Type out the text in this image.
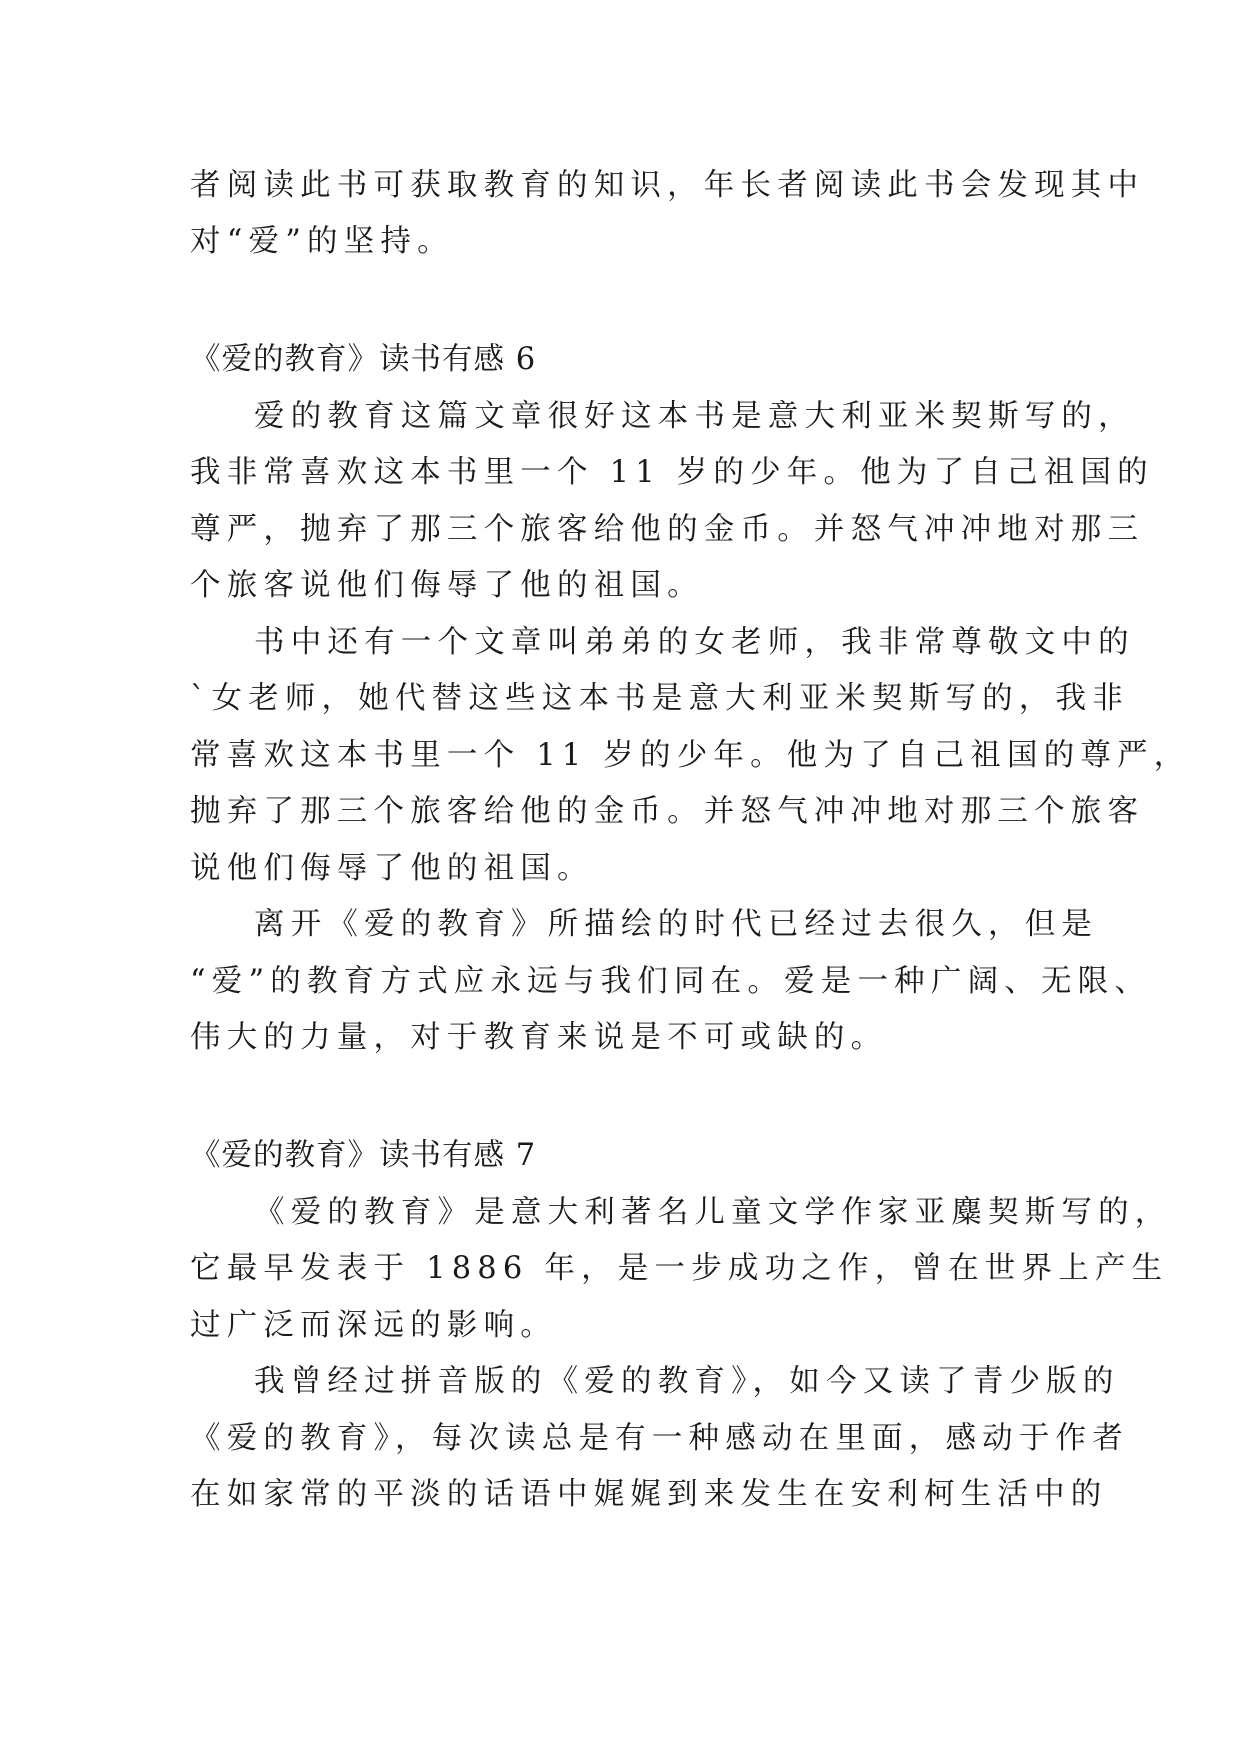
者阅读此书可获取教育的知识，年长者阅读此书会发现其中
对“爱”的坚持。
《爱的教育》读书有感 6
爱的教育这篇文章很好这本书是意大利亚米契斯写的，
我非常喜欢这本书里一个 11 岁的少年。他为了自己祖国的
尊严，抛弃了那三个旅客给他的金币。并怒气冲冲地对那三
个旅客说他们侮辱了他的祖国。
书中还有一个文章叫弟弟的女老师，我非常尊敬文中的
`女老师，她代替这些这本书是意大利亚米契斯写的，我非
常喜欢这本书里一个 11 岁的少年。他为了自己祖国的尊严，
抛弃了那三个旅客给他的金币。并怒气冲冲地对那三个旅客
说他们侮辱了他的祖国。
离开《爱的教育》所描绘的时代已经过去很久，但是
“爱”的教育方式应永远与我们同在。爱是一种广阔、无限、
伟大的力量，对于教育来说是不可或缺的。
《爱的教育》读书有感 7
《爱的教育》是意大利著名儿童文学作家亚麋契斯写的，
它最早发表于 1886 年，是一步成功之作，曾在世界上产生
过广泛而深远的影响。
我曾经过拼音版的《爱的教育》，如今又读了青少版的
《爱的教育》，每次读总是有一种感动在里面，感动于作者
在如家常的平淡的话语中娓娓到来发生在安利柯生活中的
